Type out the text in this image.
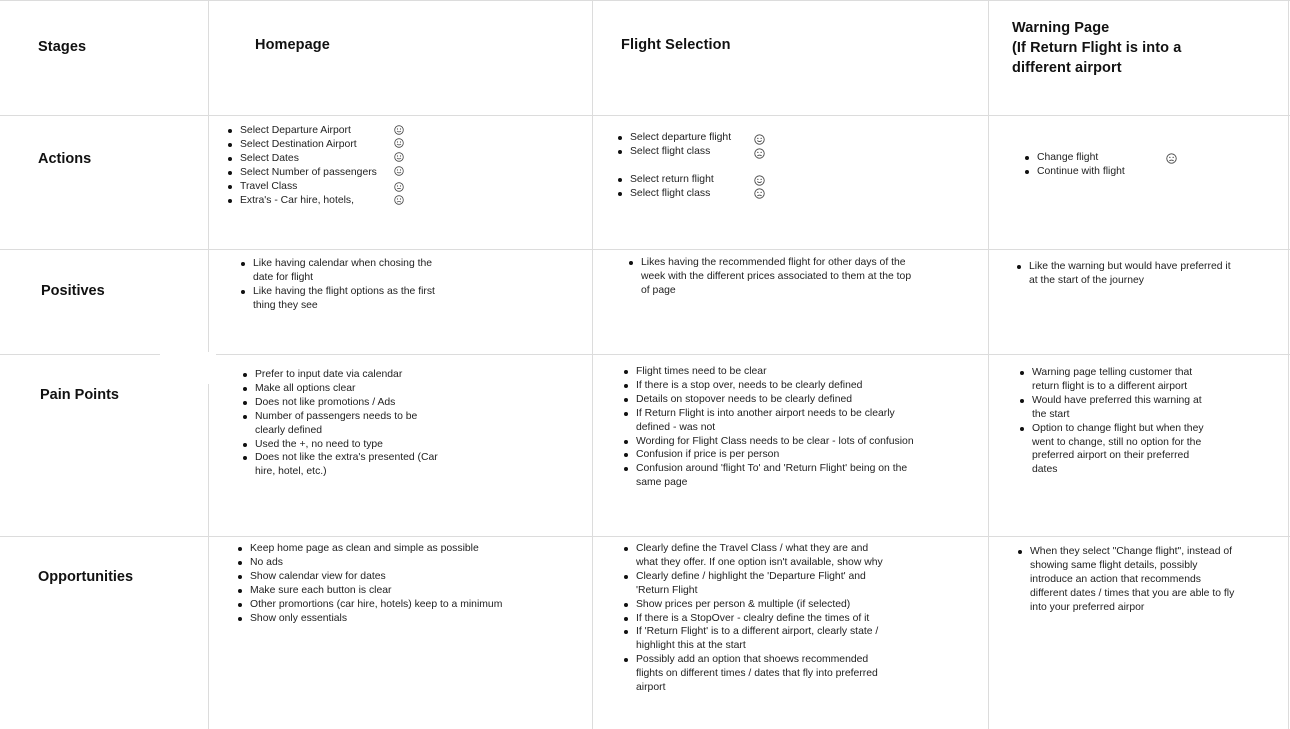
Stages	Homepage	Flight Selection
Warning Page
(If Return Flight is into a
different airport
Actions
Positives
Pain Points
Opportunities
Select Departure Airport
Select Destination Airport
Select Dates
Select Number of passengers
Travel Class
Extra's - Car hire, hotels,
Select departure flight
Select flight class
Select return flight
Select flight class
Change flight
Continue with flight
Like having calendar when chosing the date for flight
Like having the flight options as the first thing they see
Likes having the recommended flight for other days of the week with the different prices associated to them at the top of page
Like the warning but would have preferred it at the start of the journey
Prefer to input date via calendar
Make all options clear
Does not like promotions / Ads
Number of passengers needs to be clearly defined
Used the +, no need to type
Does not like the extra's presented (Car hire, hotel, etc.)
Flight times need to be clear
If there is a stop over, needs to be clearly defined
Details on stopover needs to be clearly defined
If Return Flight is into another airport needs to be clearly defined - was not
Wording for Flight Class needs to be clear - lots of confusion
Confusion if price is per person
Confusion around 'flight To' and 'Return Flight' being on the same page
Warning page telling customer that return flight is to a different airport
Would have preferred this warning at the start
Option to change flight but when they went to change, still no option for the preferred airport on their preferred dates
Keep home page as clean and simple as possible
No ads
Show calendar view for dates
Make sure each button is clear
Other promortions (car hire, hotels) keep to a minimum
Show only essentials
Clearly define the Travel Class / what they are and what they offer. If one option isn't available, show why
Clearly define / highlight the 'Departure Flight' and 'Return Flight
Show prices per person & multiple (if selected)
If there is a StopOver - clealry define the times of it
If 'Return Flight' is to a different airport, clearly state / highlight this at the start
Possibly add an option that shoews recommended flights on different times / dates that fly into preferred airport
When they select "Change flight", instead of showing same flight details, possibly introduce an action that recommends different dates / times that you are able to fly into your preferred airpor
